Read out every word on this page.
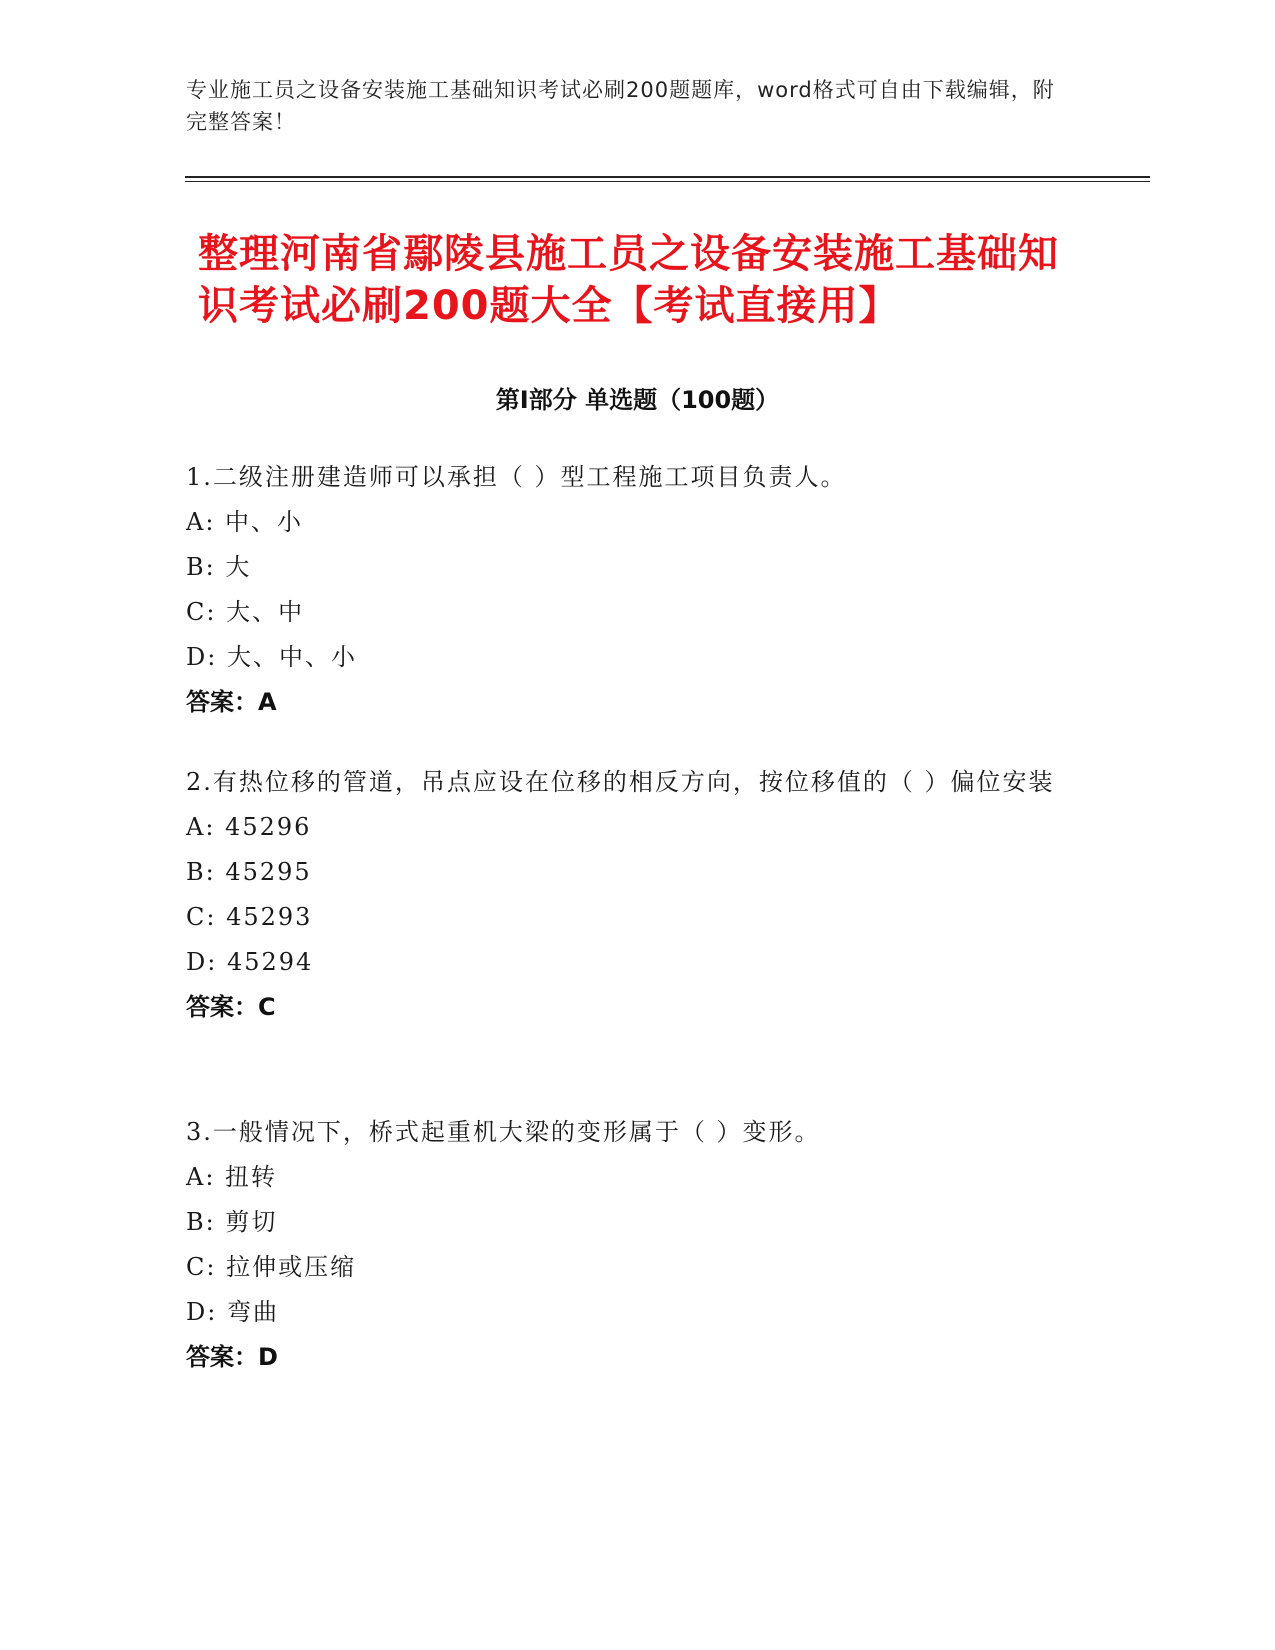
专业施工员之设备安装施工基础知识考试必刷200题题库，word格式可自由下载编辑，附完整答案！
整理河南省鄢陵县施工员之设备安装施工基础知识考试必刷200题大全【考试直接用】
第Ⅰ部分 单选题（100题）
1.二级注册建造师可以承担（ ）型工程施工项目负责人。
A: 中、小
B: 大
C: 大、中
D: 大、中、小
答案：A
2.有热位移的管道，吊点应设在位移的相反方向，按位移值的（ ）偏位安装
A: 45296
B: 45295
C: 45293
D: 45294
答案：C
3.一般情况下，桥式起重机大梁的变形属于（ ）变形。
A: 扭转
B: 剪切
C: 拉伸或压缩
D: 弯曲
答案：D
